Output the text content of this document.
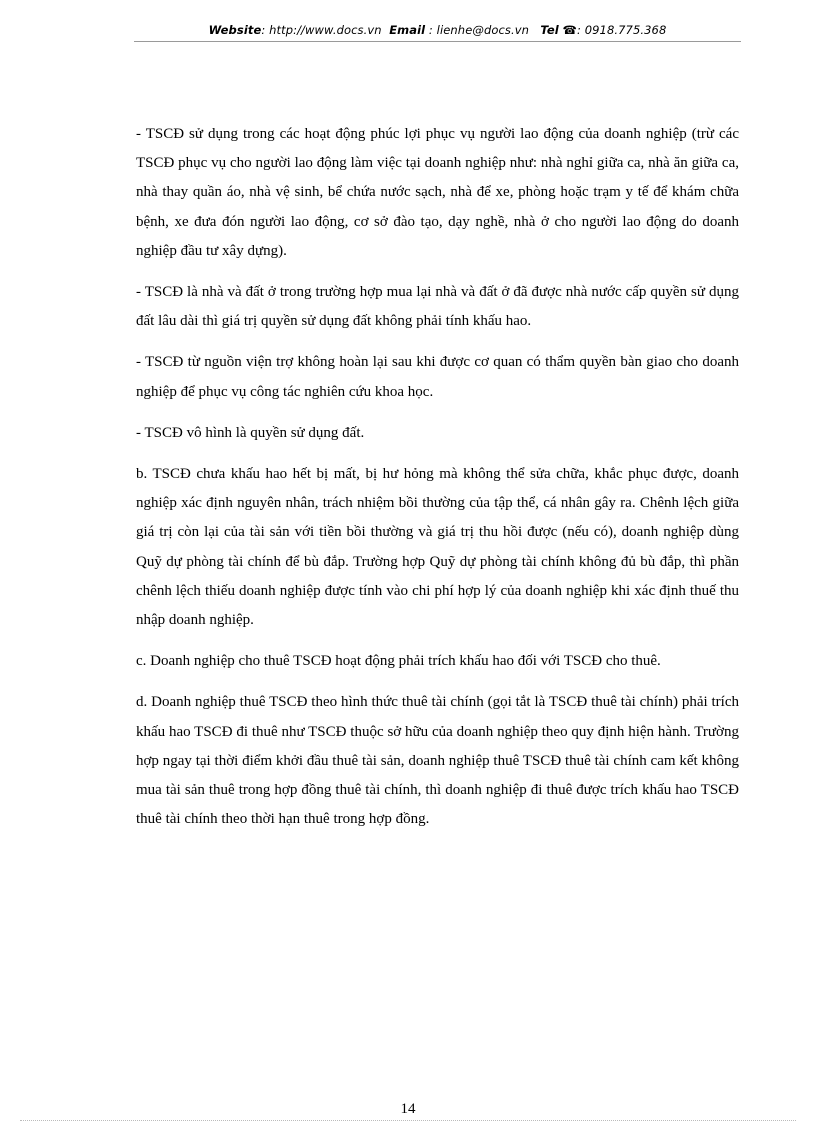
Website: http://www.docs.vn Email : lienhe@docs.vn Tel ☎: 0918.775.368

- TSCĐ sử dụng trong các hoạt động phúc lợi phục vụ người lao động của doanh nghiệp (trừ các TSCĐ phục vụ cho người lao động làm việc tại doanh nghiệp như: nhà nghỉ giữa ca, nhà ăn giữa ca, nhà thay quần áo, nhà vệ sinh, bể chứa nước sạch, nhà để xe, phòng hoặc trạm y tế để khám chữa bệnh, xe đưa đón người lao động, cơ sở đào tạo, dạy nghề, nhà ở cho người lao động do doanh nghiệp đầu tư xây dựng).

- TSCĐ là nhà và đất ở trong trường hợp mua lại nhà và đất ở đã được nhà nước cấp quyền sử dụng đất lâu dài thì giá trị quyền sử dụng đất không phải tính khấu hao.

- TSCĐ từ nguồn viện trợ không hoàn lại sau khi được cơ quan có thẩm quyền bàn giao cho doanh nghiệp để phục vụ công tác nghiên cứu khoa học.

- TSCĐ vô hình là quyền sử dụng đất.

b. TSCĐ chưa khấu hao hết bị mất, bị hư hỏng mà không thể sửa chữa, khắc phục được, doanh nghiệp xác định nguyên nhân, trách nhiệm bồi thường của tập thể, cá nhân gây ra. Chênh lệch giữa giá trị còn lại của tài sản với tiền bồi thường và giá trị thu hồi được (nếu có), doanh nghiệp dùng Quỹ dự phòng tài chính để bù đắp. Trường hợp Quỹ dự phòng tài chính không đủ bù đắp, thì phần chênh lệch thiếu doanh nghiệp được tính vào chi phí hợp lý của doanh nghiệp khi xác định thuế thu nhập doanh nghiệp.

c. Doanh nghiệp cho thuê TSCĐ hoạt động phải trích khấu hao đối với TSCĐ cho thuê.

d. Doanh nghiệp thuê TSCĐ theo hình thức thuê tài chính (gọi tắt là TSCĐ thuê tài chính) phải trích khấu hao TSCĐ đi thuê như TSCĐ thuộc sở hữu của doanh nghiệp theo quy định hiện hành. Trường hợp ngay tại thời điểm khởi đầu thuê tài sản, doanh nghiệp thuê TSCĐ thuê tài chính cam kết không mua tài sản thuê trong hợp đồng thuê tài chính, thì doanh nghiệp đi thuê được trích khấu hao TSCĐ thuê tài chính theo thời hạn thuê trong hợp đồng.

14
